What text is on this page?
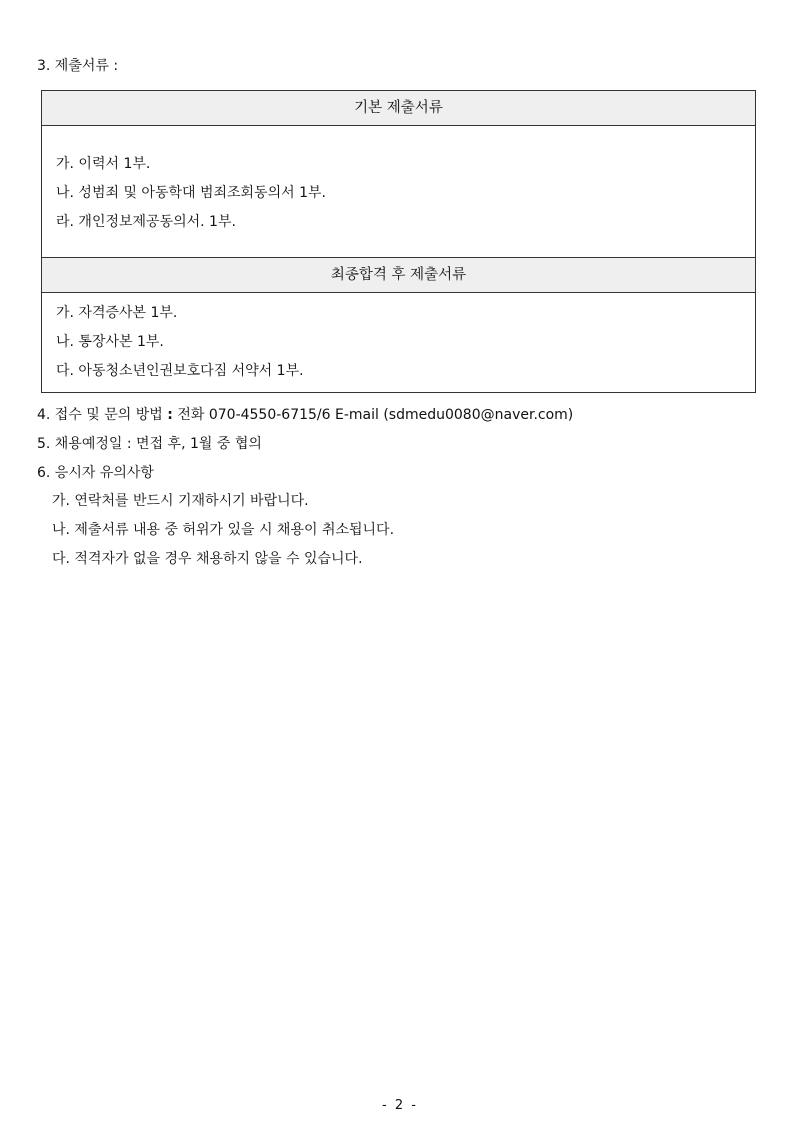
3. 제출서류 :
기본 제출서류
가. 이력서 1부.
나. 성범죄 및 아동학대 범죄조회동의서 1부.
라. 개인정보제공동의서. 1부.
최종합격 후 제출서류
가. 자격증사본 1부.
나. 통장사본 1부.
다. 아동청소년인권보호다짐 서약서 1부.
4. 접수 및 문의 방법 : 전화 070-4550-6715/6 E-mail (sdmedu0080@naver.com)
5. 채용예정일 : 면접 후, 1월 중 협의
6. 응시자 유의사항
가. 연락처를 반드시 기재하시기 바랍니다.
나. 제출서류 내용 중 허위가 있을 시 채용이 취소됩니다.
다. 적격자가 없을 경우 채용하지 않을 수 있습니다.
- 2 -
